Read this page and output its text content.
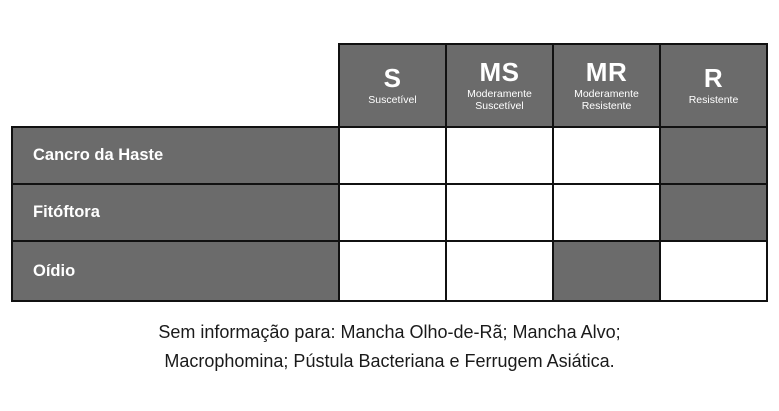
S
Suscetível
MS
Moderamente Suscetível
MR
Moderamente Resistente
R
Resistente
Cancro da Haste
Fitóftora
Oídio
Sem informação para: Mancha Olho-de-Rã; Mancha Alvo;
Macrophomina; Pústula Bacteriana e Ferrugem Asiática.
